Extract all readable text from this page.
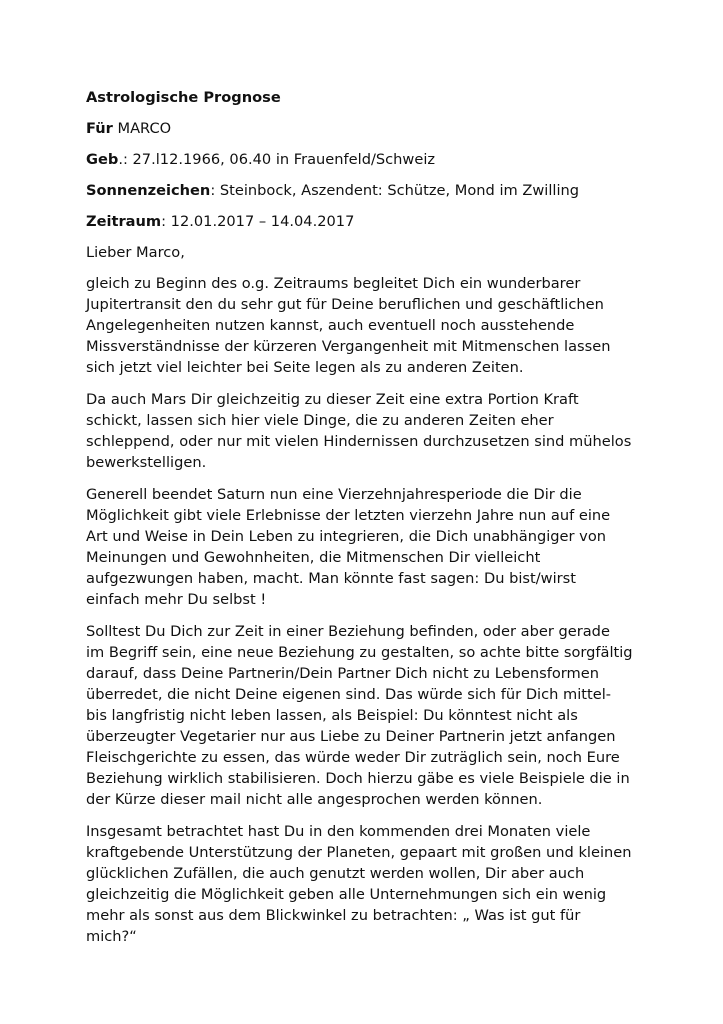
Astrologische Prognose

Für MARCO

Geb.: 27.l12.1966, 06.40 in Frauenfeld/Schweiz

Sonnenzeichen: Steinbock, Aszendent: Schütze, Mond im Zwilling

Zeitraum: 12.01.2017 – 14.04.2017

Lieber Marco,

gleich zu Beginn des o.g. Zeitraums begleitet Dich ein wunderbarer
Jupitertransit den du sehr gut für Deine beruflichen und geschäftlichen
Angelegenheiten nutzen kannst, auch eventuell noch ausstehende
Missverständnisse der kürzeren Vergangenheit mit Mitmenschen lassen
sich jetzt viel leichter bei Seite legen als zu anderen Zeiten.

Da auch Mars Dir gleichzeitig zu dieser Zeit eine extra Portion Kraft
schickt, lassen sich hier viele Dinge, die zu anderen Zeiten eher
schleppend, oder nur mit vielen Hindernissen durchzusetzen sind mühelos
bewerkstelligen.

Generell beendet Saturn nun eine Vierzehnjahresperiode die Dir die
Möglichkeit gibt viele Erlebnisse der letzten vierzehn Jahre nun auf eine
Art und Weise in Dein Leben zu integrieren, die Dich unabhängiger von
Meinungen und Gewohnheiten, die Mitmenschen Dir vielleicht
aufgezwungen haben, macht. Man könnte fast sagen: Du bist/wirst
einfach mehr Du selbst !

Solltest Du Dich zur Zeit in einer Beziehung befinden, oder aber gerade
im Begriff sein, eine neue Beziehung zu gestalten, so achte bitte sorgfältig
darauf, dass Deine Partnerin/Dein Partner Dich nicht zu Lebensformen
überredet, die nicht Deine eigenen sind. Das würde sich für Dich mittel-
bis langfristig nicht leben lassen, als Beispiel: Du könntest nicht als
überzeugter Vegetarier nur aus Liebe zu Deiner Partnerin jetzt anfangen
Fleischgerichte zu essen, das würde weder Dir zuträglich sein, noch Eure
Beziehung wirklich stabilisieren. Doch hierzu gäbe es viele Beispiele die in
der Kürze dieser mail nicht alle angesprochen werden können.

Insgesamt betrachtet hast Du in den kommenden drei Monaten viele
kraftgebende Unterstützung der Planeten, gepaart mit großen und kleinen
glücklichen Zufällen, die auch genutzt werden wollen, Dir aber auch
gleichzeitig die Möglichkeit geben alle Unternehmungen sich ein wenig
mehr als sonst aus dem Blickwinkel zu betrachten: „ Was ist gut für
mich?“
